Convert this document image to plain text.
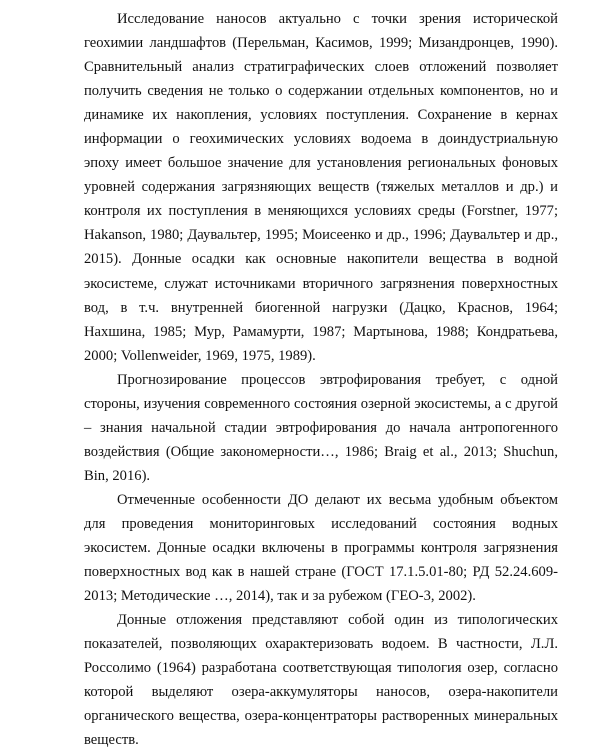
Исследование наносов актуально с точки зрения исторической геохимии ландшафтов (Перельман, Касимов, 1999; Мизандронцев, 1990). Сравнительный анализ стратиграфических слоев отложений позволяет получить сведения не только о содержании отдельных компонентов, но и динамике их накопления, условиях поступления. Сохранение в кернах информации о геохимических условиях водоема в доиндустриальную эпоху имеет большое значение для установления региональных фоновых уровней содержания загрязняющих веществ (тяжелых металлов и др.) и контроля их поступления в меняющихся условиях среды (Forstner, 1977; Hakanson, 1980; Даувальтер, 1995; Моисеенко и др., 1996; Даувальтер и др., 2015). Донные осадки как основные накопители вещества в водной экосистеме, служат источниками вторичного загрязнения поверхностных вод, в т.ч. внутренней биогенной нагрузки (Дацко, Краснов, 1964; Нахшина, 1985; Мур, Рамамурти, 1987; Мартынова, 1988; Кондратьева, 2000; Vollenweider, 1969, 1975, 1989).

Прогнозирование процессов эвтрофирования требует, с одной стороны, изучения современного состояния озерной экосистемы, а с другой – знания начальной стадии эвтрофирования до начала антропогенного воздействия (Общие закономерности…, 1986; Braig et al., 2013; Shuchun, Bin, 2016).

Отмеченные особенности ДО делают их весьма удобным объектом для проведения мониторинговых исследований состояния водных экосистем. Донные осадки включены в программы контроля загрязнения поверхностных вод как в нашей стране (ГОСТ 17.1.5.01-80; РД 52.24.609-2013; Методические …, 2014), так и за рубежом (ГЕО-3, 2002).

Донные отложения представляют собой один из типологических показателей, позволяющих охарактеризовать водоем. В частности, Л.Л. Россолимо (1964) разработана соответствующая типология озер, согласно которой выделяют озера-аккумуляторы наносов, озера-накопители органического вещества, озера-концентраторы растворенных минеральных веществ.
